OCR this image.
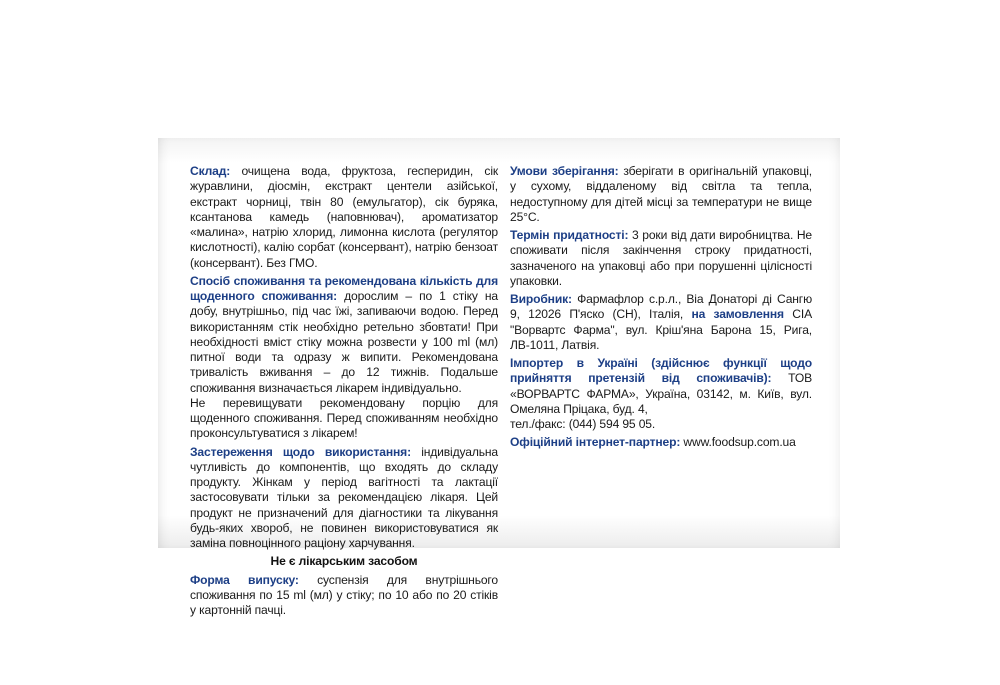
Склад: очищена вода, фруктоза, гесперидин, сік журавлини, діосмін, екстракт центели азійської, екстракт чорниці, твін 80 (емульгатор), сік буряка, ксантанова камедь (наповнювач), ароматизатор «малина», натрію хлорид, лимонна кислота (регулятор кислотності), калію сорбат (консервант), натрію бензоат (консервант). Без ГМО.

Спосіб споживання та рекомендована кількість для щоденного споживання: дорослим – по 1 стіку на добу, внутрішньо, під час їжі, запиваючи водою. Перед використанням стік необхідно ретельно збовтати! При необхідності вміст стіку можна розвести у 100 ml (мл) питної води та одразу ж випити. Рекомендована тривалість вживання – до 12 тижнів. Подальше споживання визначається лікарем індивідуально.

Не перевищувати рекомендовану порцію для щоденного споживання. Перед споживанням необхідно проконсультуватися з лікарем!

Застереження щодо використання: індивідуальна чутливість до компонентів, що входять до складу продукту. Жінкам у період вагітності та лактації застосовувати тільки за рекомендацією лікаря. Цей продукт не призначений для діагностики та лікування будь-яких хвороб, не повинен використовуватися як заміна повноцінного раціону харчування.

Не є лікарським засобом

Форма випуску: суспензія для внутрішнього споживання по 15 ml (мл) у стіку; по 10 або по 20 стіків у картонній пачці.

Умови зберігання: зберігати в оригінальній упаковці, у сухому, віддаленому від світла та тепла, недоступному для дітей місці за температури не вище 25°С.

Термін придатності: 3 роки від дати виробництва. Не споживати після закінчення строку придатності, зазначеного на упаковці або при порушенні цілісності упаковки.

Виробник: Фармафлор с.р.л., Віа Донаторі ді Сангю 9, 12026 П'яско (СН), Італія, на замовлення СІА "Ворвартс Фарма", вул. Кріш'яна Барона 15, Рига, ЛВ-1011, Латвія.

Імпортер в Україні (здійснює функції щодо прийняття претензій від споживачів): ТОВ «ВОРВАРТС ФАРМА», Україна, 03142, м. Київ, вул. Омеляна Пріцака, буд. 4,

тел./факс: (044) 594 95 05.

Офіційний інтернет-партнер: www.foodsup.com.ua
